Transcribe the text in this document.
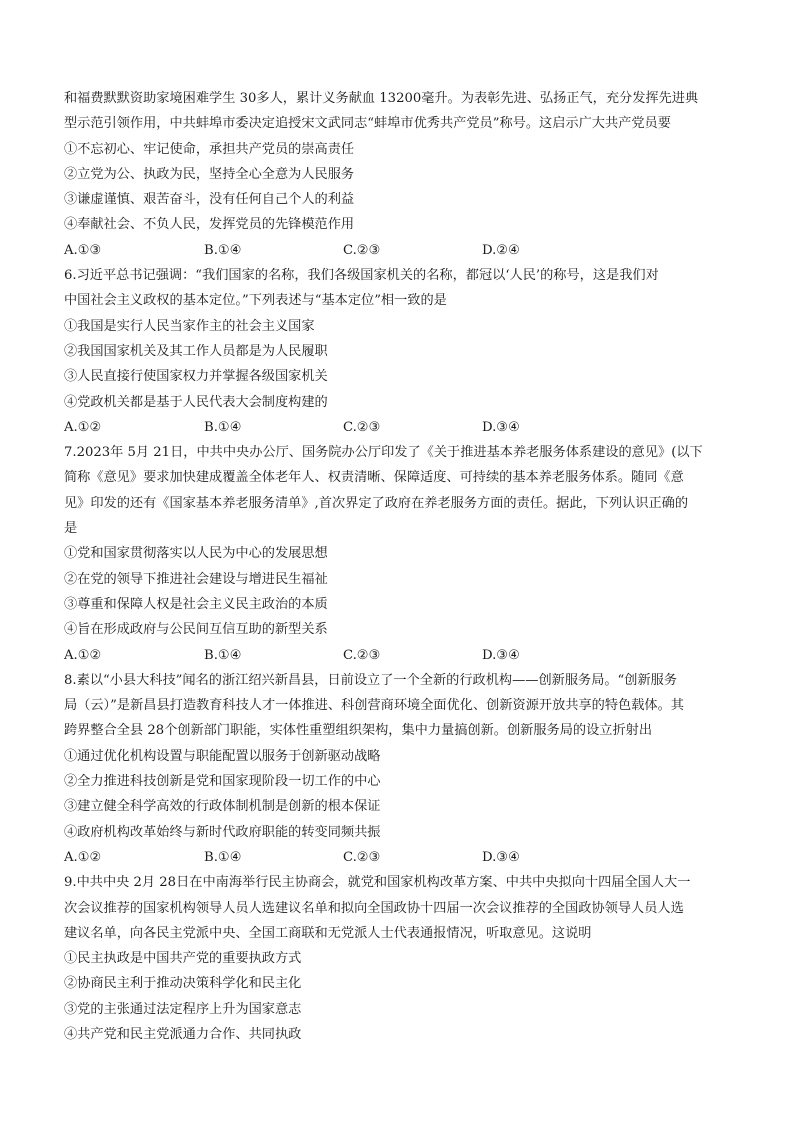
和福费默默资助家境困难学生 30多人，累计义务献血 13200毫升。为表彰先进、弘扬正气，充分发挥先进典
型示范引领作用，中共蚌埠市委决定追授宋文武同志“蚌埠市优秀共产党员”称号。这启示广大共产党员要
①不忘初心、牢记使命，承担共产党员的崇高责任
②立党为公、执政为民，坚持全心全意为人民服务
③谦虚谨慎、艰苦奋斗，没有任何自己个人的利益
④奉献社会、不负人民，发挥党员的先锋模范作用
A.①③	B.①④	C.②③	D.②④
6.习近平总书记强调：“我们国家的名称，我们各级国家机关的名称，都冠以‘人民’的称号，这是我们对
中国社会主义政权的基本定位。”下列表述与“基本定位”相一致的是
①我国是实行人民当家作主的社会主义国家
②我国国家机关及其工作人员都是为人民履职
③人民直接行使国家权力并掌握各级国家机关
④党政机关都是基于人民代表大会制度构建的
A.①②	B.①④	C.②③	D.③④
7.2023年 5月 21日，中共中央办公厅、国务院办公厅印发了《关于推进基本养老服务体系建设的意见》(以下
简称《意见》要求加快建成覆盖全体老年人、权责清晰、保障适度、可持续的基本养老服务体系。随同《意
见》印发的还有《国家基本养老服务清单》,首次界定了政府在养老服务方面的责任。据此，下列认识正确的
是
①党和国家贯彻落实以人民为中心的发展思想
②在党的领导下推进社会建设与增进民生福祉
③尊重和保障人权是社会主义民主政治的本质
④旨在形成政府与公民间互信互助的新型关系
A.①②	B.①④	C.②③	D.③④
8.素以“小县大科技”闻名的浙江绍兴新昌县，日前设立了一个全新的行政机构——创新服务局。“创新服务
局（云）”是新昌县打造教育科技人才一体推进、科创营商环境全面优化、创新资源开放共享的特色载体。其
跨界整合全县 28个创新部门职能，实体性重塑组织架构，集中力量搞创新。创新服务局的设立折射出
①通过优化机构设置与职能配置以服务于创新驱动战略
②全力推进科技创新是党和国家现阶段一切工作的中心
③建立健全科学高效的行政体制机制是创新的根本保证
④政府机构改革始终与新时代政府职能的转变同频共振
A.①②	B.①④	C.②③	D.③④
9.中共中央 2月 28日在中南海举行民主协商会，就党和国家机构改革方案、中共中央拟向十四届全国人大一
次会议推荐的国家机构领导人员人选建议名单和拟向全国政协十四届一次会议推荐的全国政协领导人员人选
建议名单，向各民主党派中央、全国工商联和无党派人士代表通报情况，听取意见。这说明
①民主执政是中国共产党的重要执政方式
②协商民主利于推动决策科学化和民主化
③党的主张通过法定程序上升为国家意志
④共产党和民主党派通力合作、共同执政
